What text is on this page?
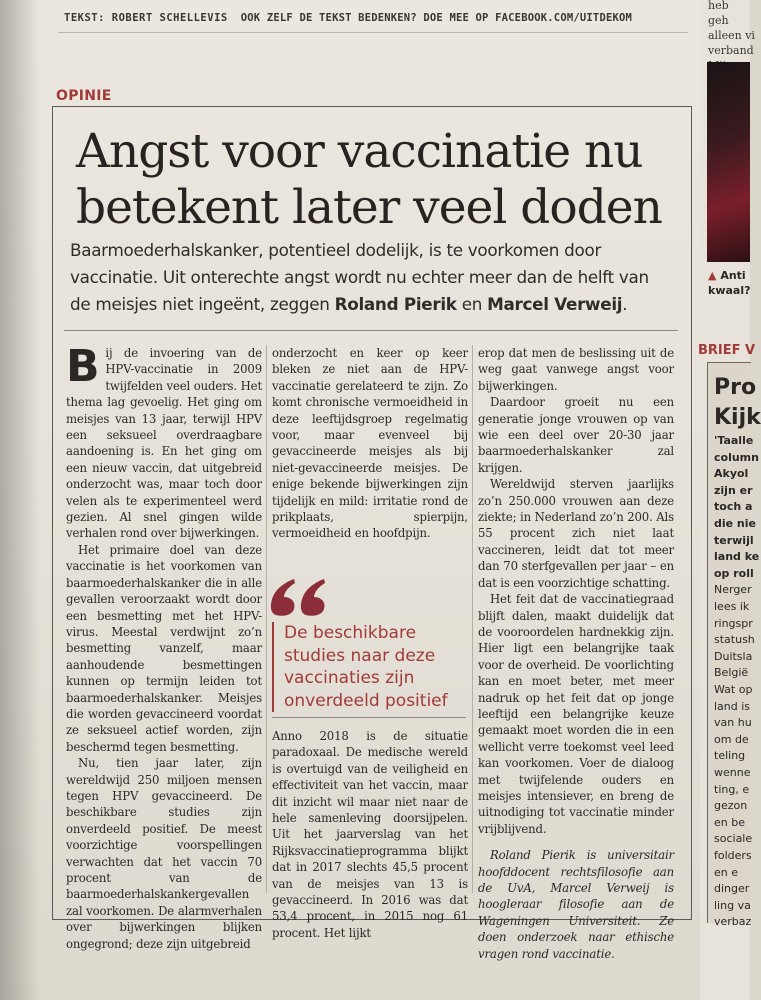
TEKST: ROBERT SCHELLEVIS OOK ZELF DE TEKST BEDENKEN? DOE MEE OP FACEBOOK.COM/UITDEKOM
OPINIE
Angst voor vaccinatie nu
betekent later veel doden
Baarmoederhalskanker, potentieel dodelijk, is te voorkomen door
vaccinatie. Uit onterechte angst wordt nu echter meer dan de helft van
de meisjes niet ingeënt, zeggen Roland Pierik en Marcel Verweij.

Bij de invoering van de HPV-vaccinatie in 2009 twijfelden veel ouders. Het thema lag gevoelig. Het ging om meisjes van 13 jaar, terwijl HPV een seksueel overdraagbare aandoening is. En het ging om een nieuw vaccin, dat uitgebreid onderzocht was, maar toch door velen als te experimenteel werd gezien. Al snel gingen wilde verhalen rond over bijwerkingen.

Het primaire doel van deze vaccinatie is het voorkomen van baarmoederhalskanker die in alle gevallen veroorzaakt wordt door een besmetting met het HPV-virus. Meestal verdwijnt zo’n besmetting vanzelf, maar aanhoudende besmettingen kunnen op termijn leiden tot baarmoederhalskanker. Meisjes die worden gevaccineerd voordat ze seksueel actief worden, zijn beschermd tegen besmetting.

Nu, tien jaar later, zijn wereldwijd 250 miljoen mensen tegen HPV gevaccineerd. De beschikbare studies zijn onverdeeld positief. De meest voorzichtige voorspellingen verwachten dat het vaccin 70 procent van de baarmoederhalskankergevallen zal voorkomen. De alarmverhalen over bijwerkingen blijken ongegrond; deze zijn uitgebreid

onderzocht en keer op keer bleken ze niet aan de HPV-vaccinatie gerelateerd te zijn. Zo komt chronische vermoeidheid in deze leeftijdsgroep regelmatig voor, maar evenveel bij gevaccineerde meisjes als bij niet-gevaccineerde meisjes. De enige bekende bijwerkingen zijn tijdelijk en mild: irritatie rond de prikplaats, spierpijn, vermoeidheid en hoofdpijn.

De beschikbare studies naar deze vaccinaties zijn onverdeeld positief

Anno 2018 is de situatie paradoxaal. De medische wereld is overtuigd van de veiligheid en effectiviteit van het vaccin, maar dit inzicht wil maar niet naar de hele samenleving doorsijpelen. Uit het jaarverslag van het Rijksvaccinatieprogramma blijkt dat in 2017 slechts 45,5 procent van de meisjes van 13 is gevaccineerd. In 2016 was dat 53,4 procent, in 2015 nog 61 procent. Het lijkt

erop dat men de beslissing uit de weg gaat vanwege angst voor bijwerkingen.

Daardoor groeit nu een generatie jonge vrouwen op van wie een deel over 20-30 jaar baarmoederhalskanker zal krijgen.

Wereldwijd sterven jaarlijks zo’n 250.000 vrouwen aan deze ziekte; in Nederland zo’n 200. Als 55 procent zich niet laat vaccineren, leidt dat tot meer dan 70 sterfgevallen per jaar – en dat is een voorzichtige schatting.

Het feit dat de vaccinatiegraad blijft dalen, maakt duidelijk dat de vooroordelen hardnekkig zijn. Hier ligt een belangrijke taak voor de overheid. De voorlichting kan en moet beter, met meer nadruk op het feit dat op jonge leeftijd een belangrijke keuze gemaakt moet worden die in een wellicht verre toekomst veel leed kan voorkomen. Voer de dialoog met twijfelende ouders en meisjes intensiever, en breng de uitnodiging tot vaccinatie minder vrijblijvend.

Roland Pierik is universitair hoofddocent rechtsfilosofie aan de UvA, Marcel Verweij is hoogleraar filosofie aan de Wageningen Universiteit. Ze doen onderzoek naar ethische vragen rond vaccinatie.

heb
geh
alleen vi
verband
▲ Anti
kwaal?
BRIEF V
Pro
Kijk
'Taalle
column
Akyol
zijn er
toch a
die nie
terwijl
land ke
op roll
Nerger
lees ik
ringspr
statush
Duitsla
België
Wat op
land is
van hu
om de
teling
wenne
ting, e
gezon
en be
sociale
folders
en e
dinger
ling va
verbaz
